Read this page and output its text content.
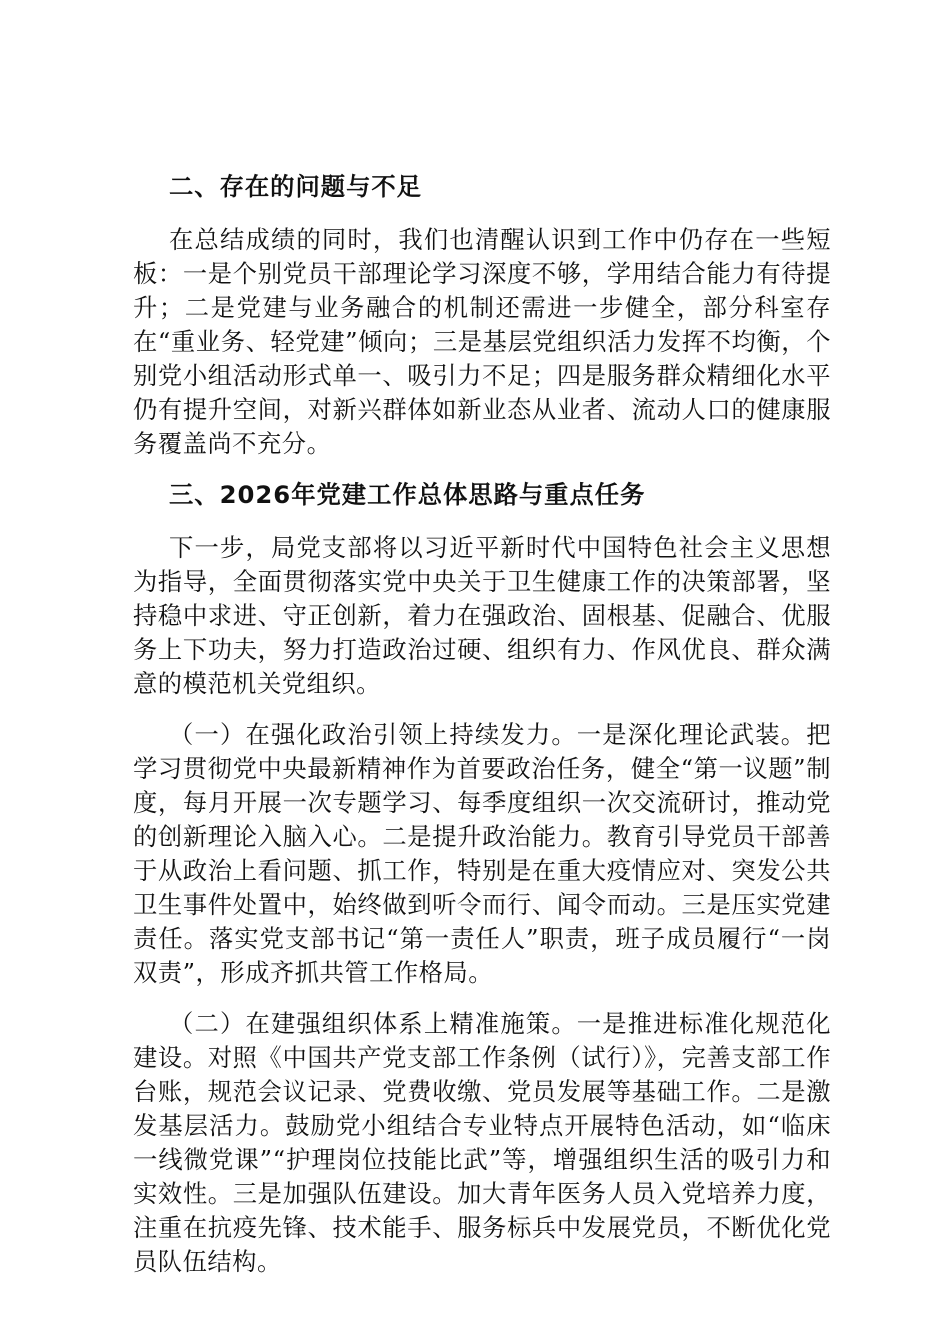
二、存在的问题与不足

在总结成绩的同时，我们也清醒认识到工作中仍存在一些短板：一是个别党员干部理论学习深度不够，学用结合能力有待提升；二是党建与业务融合的机制还需进一步健全，部分科室存在“重业务、轻党建”倾向；三是基层党组织活力发挥不均衡，个别党小组活动形式单一、吸引力不足；四是服务群众精细化水平仍有提升空间，对新兴群体如新业态从业者、流动人口的健康服务覆盖尚不充分。

三、2026年党建工作总体思路与重点任务

下一步，局党支部将以习近平新时代中国特色社会主义思想为指导，全面贯彻落实党中央关于卫生健康工作的决策部署，坚持稳中求进、守正创新，着力在强政治、固根基、促融合、优服务上下功夫，努力打造政治过硬、组织有力、作风优良、群众满意的模范机关党组织。

（一）在强化政治引领上持续发力。一是深化理论武装。把学习贯彻党中央最新精神作为首要政治任务，健全“第一议题”制度，每月开展一次专题学习、每季度组织一次交流研讨，推动党的创新理论入脑入心。二是提升政治能力。教育引导党员干部善于从政治上看问题、抓工作，特别是在重大疫情应对、突发公共卫生事件处置中，始终做到听令而行、闻令而动。三是压实党建责任。落实党支部书记“第一责任人”职责，班子成员履行“一岗双责”，形成齐抓共管工作格局。

（二）在建强组织体系上精准施策。一是推进标准化规范化建设。对照《中国共产党支部工作条例（试行）》，完善支部工作台账，规范会议记录、党费收缴、党员发展等基础工作。二是激发基层活力。鼓励党小组结合专业特点开展特色活动，如“临床一线微党课”“护理岗位技能比武”等，增强组织生活的吸引力和实效性。三是加强队伍建设。加大青年医务人员入党培养力度，注重在抗疫先锋、技术能手、服务标兵中发展党员，不断优化党员队伍结构。
